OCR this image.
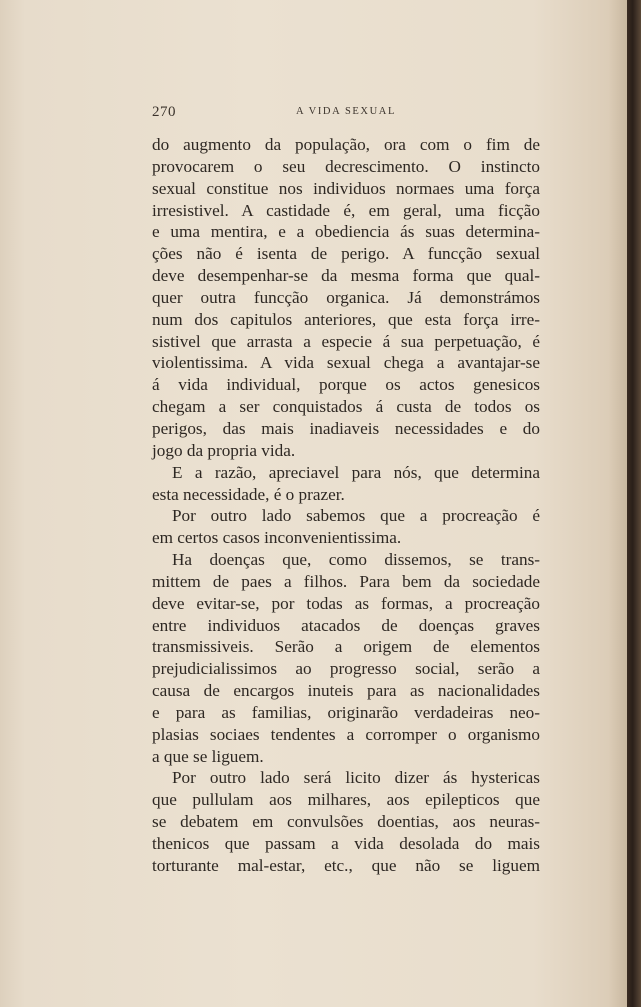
270	A VIDA SEXUAL
do augmento da população, ora com o fim de
provocarem o seu decrescimento. O instincto
sexual constitue nos individuos normaes uma força
irresistivel. A castidade é, em geral, uma ficção
e uma mentira, e a obediencia ás suas determina-
ções não é isenta de perigo. A funcção sexual
deve desempenhar-se da mesma forma que qual-
quer outra funcção organica. Já demonstrámos
num dos capitulos anteriores, que esta força irre-
sistivel que arrasta a especie á sua perpetuação, é
violentissima. A vida sexual chega a avantajar-se
á vida individual, porque os actos genesicos
chegam a ser conquistados á custa de todos os
perigos, das mais inadiaveis necessidades e do
jogo da propria vida.
E a razão, apreciavel para nós, que determina
esta necessidade, é o prazer.
Por outro lado sabemos que a procreação é
em certos casos inconvenientissima.
Ha doenças que, como dissemos, se trans-
mittem de paes a filhos. Para bem da sociedade
deve evitar-se, por todas as formas, a procreação
entre individuos atacados de doenças graves
transmissiveis. Serão a origem de elementos
prejudicialissimos ao progresso social, serão a
causa de encargos inuteis para as nacionalidades
e para as familias, originarão verdadeiras neo-
plasias sociaes tendentes a corromper o organismo
a que se liguem.
Por outro lado será licito dizer ás hystericas
que pullulam aos milhares, aos epilepticos que
se debatem em convulsões doentias, aos neuras-
thenicos que passam a vida desolada do mais
torturante mal-estar, etc., que não se liguem
